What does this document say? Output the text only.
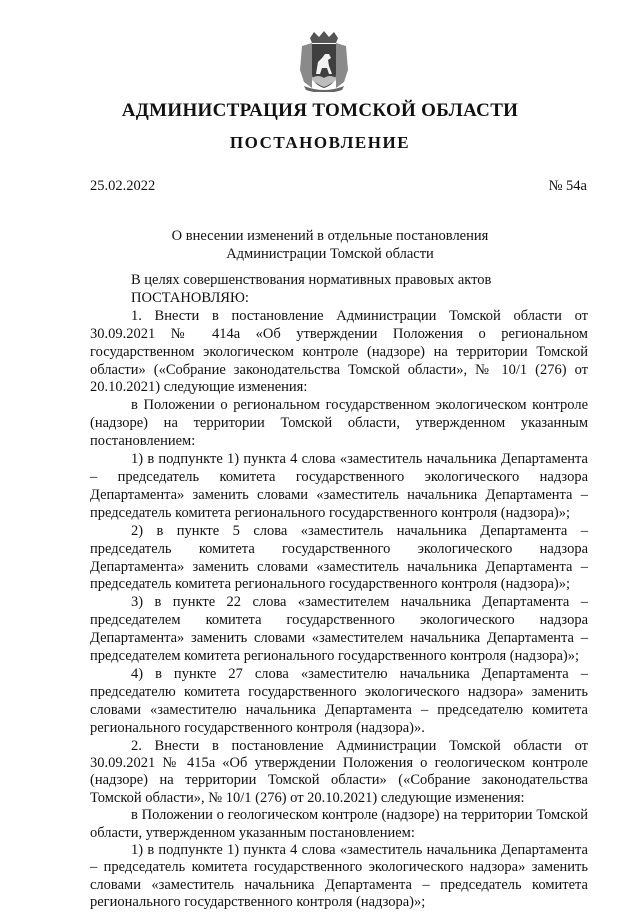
АДМИНИСТРАЦИЯ ТОМСКОЙ ОБЛАСТИ
ПОСТАНОВЛЕНИЕ
25.02.2022	№ 54а
О внесении изменений в отдельные постановления Администрации Томской области

В целях совершенствования нормативных правовых актов

ПОСТАНОВЛЯЮ:

1. Внести в постановление Администрации Томской области от 30.09.2021 № 414а «Об утверждении Положения о региональном государственном экологическом контроле (надзоре) на территории Томской области» («Собрание законодательства Томской области», № 10/1 (276) от 20.10.2021) следующие изменения:

в Положении о региональном государственном экологическом контроле (надзоре) на территории Томской области, утвержденном указанным постановлением:

1) в подпункте 1) пункта 4 слова «заместитель начальника Департамента – председатель комитета государственного экологического надзора Департамента» заменить словами «заместитель начальника Департамента – председатель комитета регионального государственного контроля (надзора)»;

2) в пункте 5 слова «заместитель начальника Департамента – председатель комитета государственного экологического надзора Департамента» заменить словами «заместитель начальника Департамента – председатель комитета регионального государственного контроля (надзора)»;

3) в пункте 22 слова «заместителем начальника Департамента – председателем комитета государственного экологического надзора Департамента» заменить словами «заместителем начальника Департамента – председателем комитета регионального государственного контроля (надзора)»;

4) в пункте 27 слова «заместителю начальника Департамента – председателю комитета государственного экологического надзора» заменить словами «заместителю начальника Департамента – председателю комитета регионального государственного контроля (надзора)».

2. Внести в постановление Администрации Томской области от 30.09.2021 № 415а «Об утверждении Положения о геологическом контроле (надзоре) на территории Томской области» («Собрание законодательства Томской области», № 10/1 (276) от 20.10.2021) следующие изменения:

в Положении о геологическом контроле (надзоре) на территории Томской области, утвержденном указанным постановлением:

1) в подпункте 1) пункта 4 слова «заместитель начальника Департамента – председатель комитета государственного экологического надзора» заменить словами «заместитель начальника Департамента – председатель комитета регионального государственного контроля (надзора)»;
